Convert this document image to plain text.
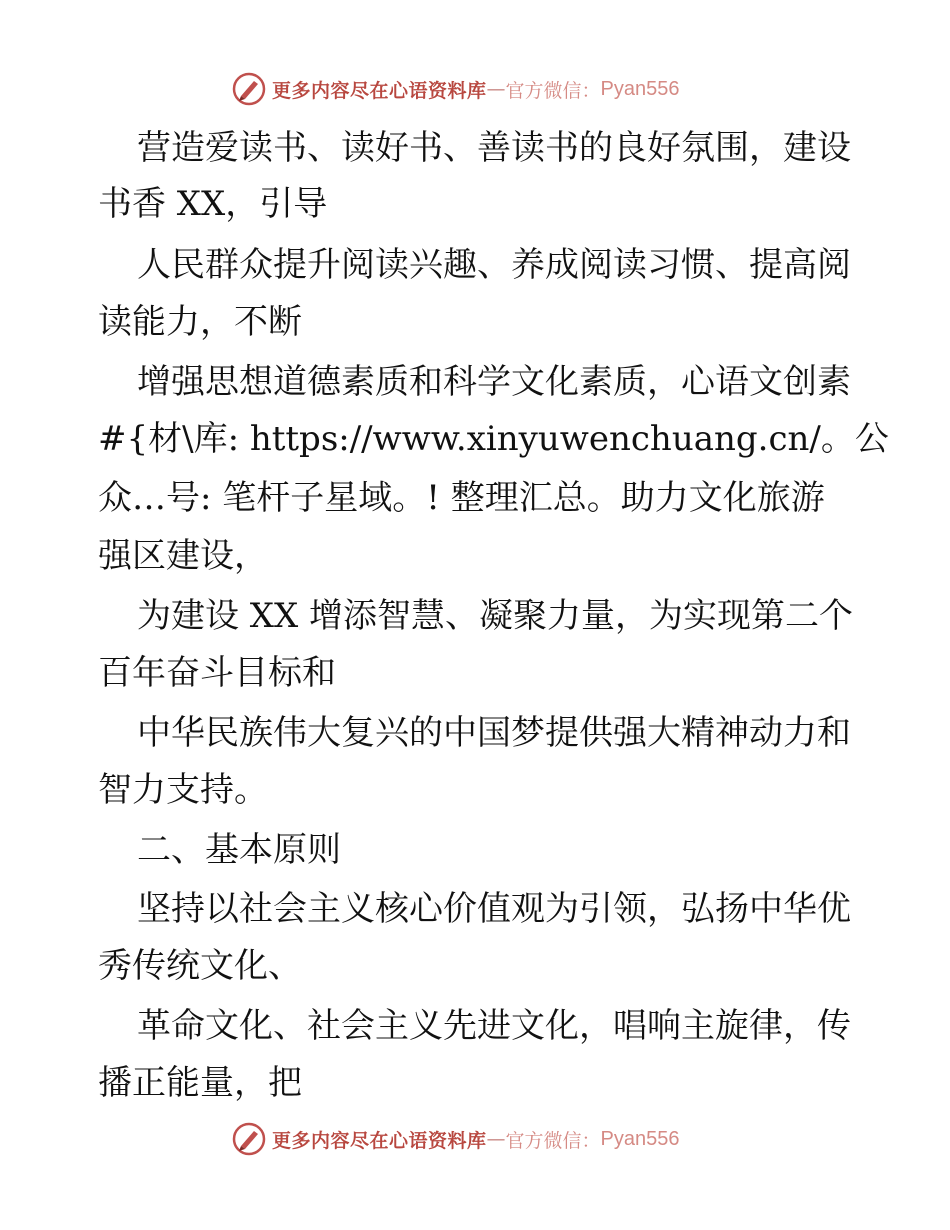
更多内容尽在心语资料库 — 官方微信： Pyan556
营造爱读书、读好书、善读书的良好氛围，建设
书香 XX，引导
人民群众提升阅读兴趣、养成阅读习惯、提高阅
读能力，不断
增强思想道德素质和科学文化素质，心语文创素
#{材\库: https://www.xinyuwenchuang.cn/。公
众…号: 笔杆子星域。! 整理汇总。助力文化旅游
强区建设，
为建设 XX 增添智慧、凝聚力量，为实现第二个
百年奋斗目标和
中华民族伟大复兴的中国梦提供强大精神动力和
智力支持。
二、基本原则
坚持以社会主义核心价值观为引领，弘扬中华优
秀传统文化、
革命文化、社会主义先进文化，唱响主旋律，传
播正能量，把
更多内容尽在心语资料库 — 官方微信： Pyan556
